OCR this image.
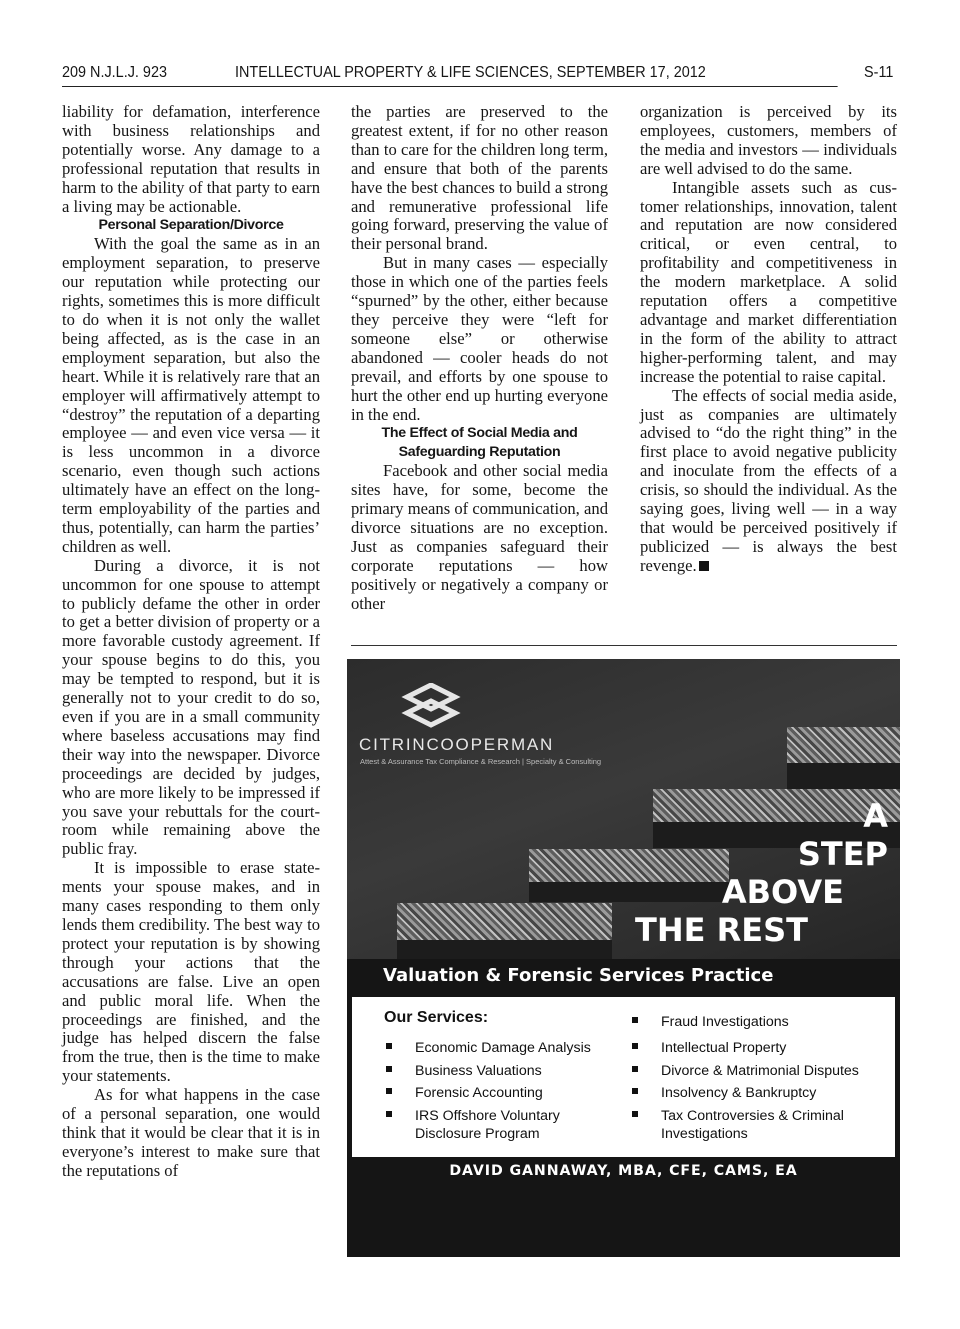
209 N.J.L.J. 923	INTELLECTUAL PROPERTY & LIFE SCIENCES, SEPTEMBER 17, 2012	S-11

liability for defamation, interference with business relationships and potentially worse. Any damage to a professional reputation that results in harm to the ability of that party to earn a living may be actionable.

Personal Separation/Divorce

With the goal the same as in an employment separation, to preserve our reputation while protecting our rights, sometimes this is more difficult to do when it is not only the wallet being affected, as is the case in an employment separation, but also the heart. While it is relatively rare that an employer will affirmatively attempt to “destroy” the reputation of a departing employee — and even vice versa — it is less uncommon in a divorce scenario, even though such actions ultimately have an effect on the long-term employability of the parties and thus, potentially, can harm the parties’ children as well.

During a divorce, it is not uncommon for one spouse to attempt to publicly defame the other in order to get a better division of property or a more favorable custody agreement. If your spouse begins to do this, you may be tempted to respond, but it is generally not to your credit to do so, even if you are in a small community where baseless accusations may find their way into the newspaper. Divorce proceedings are decided by judges, who are more likely to be impressed if you save your rebuttals for the courtroom while remaining above the public fray.

It is impossible to erase statements your spouse makes, and in many cases responding to them only lends them credibility. The best way to protect your reputation is by showing through your actions that the accusations are false. Live an open and public moral life. When the proceedings are finished, and the judge has helped discern the false from the true, then is the time to make your statements.

As for what happens in the case of a personal separation, one would think that it would be clear that it is in everyone’s interest to make sure that the reputations of

the parties are preserved to the greatest extent, if for no other reason than to care for the children long term, and ensure that both of the parents have the best chances to build a strong and remunerative professional life going forward, preserving the value of their personal brand.

But in many cases — especially those in which one of the parties feels “spurned” by the other, either because they perceive they were “left for someone else” or otherwise abandoned — cooler heads do not prevail, and efforts by one spouse to hurt the other end up hurting everyone in the end.

The Effect of Social Media and
Safeguarding Reputation

Facebook and other social media sites have, for some, become the primary means of communication, and divorce situations are no exception. Just as companies safeguard their corporate reputations — how positively or negatively a company or other

organization is perceived by its employees, customers, members of the media and investors — individuals are well advised to do the same.

Intangible assets such as customer relationships, innovation, talent and reputation are now considered critical, or even central, to profitability and competitiveness in the modern marketplace. A solid reputation offers a competitive advantage and market differentiation in the form of the ability to attract higher-performing talent, and may increase the potential to raise capital.

The effects of social media aside, just as companies are ultimately advised to “do the right thing” in the first place to avoid negative publicity and inoculate from the effects of a crisis, so should the individual. As the saying goes, living well — in a way that would be perceived positively if publicized — is always the best revenge.

CITRINCOOPERMAN
Attest & Assurance Tax Compliance & Research | Specialty & Consulting
A
STEP
ABOVE
THE REST
Valuation & Forensic Services Practice
Our Services:
Economic Damage Analysis
Business Valuations
Forensic Accounting
IRS Offshore Voluntary Disclosure Program
Fraud Investigations
Intellectual Property
Divorce & Matrimonial Disputes
Insolvency & Bankruptcy
Tax Controversies & Criminal Investigations
DAVID GANNAWAY, MBA, CFE, CAMS, EA
